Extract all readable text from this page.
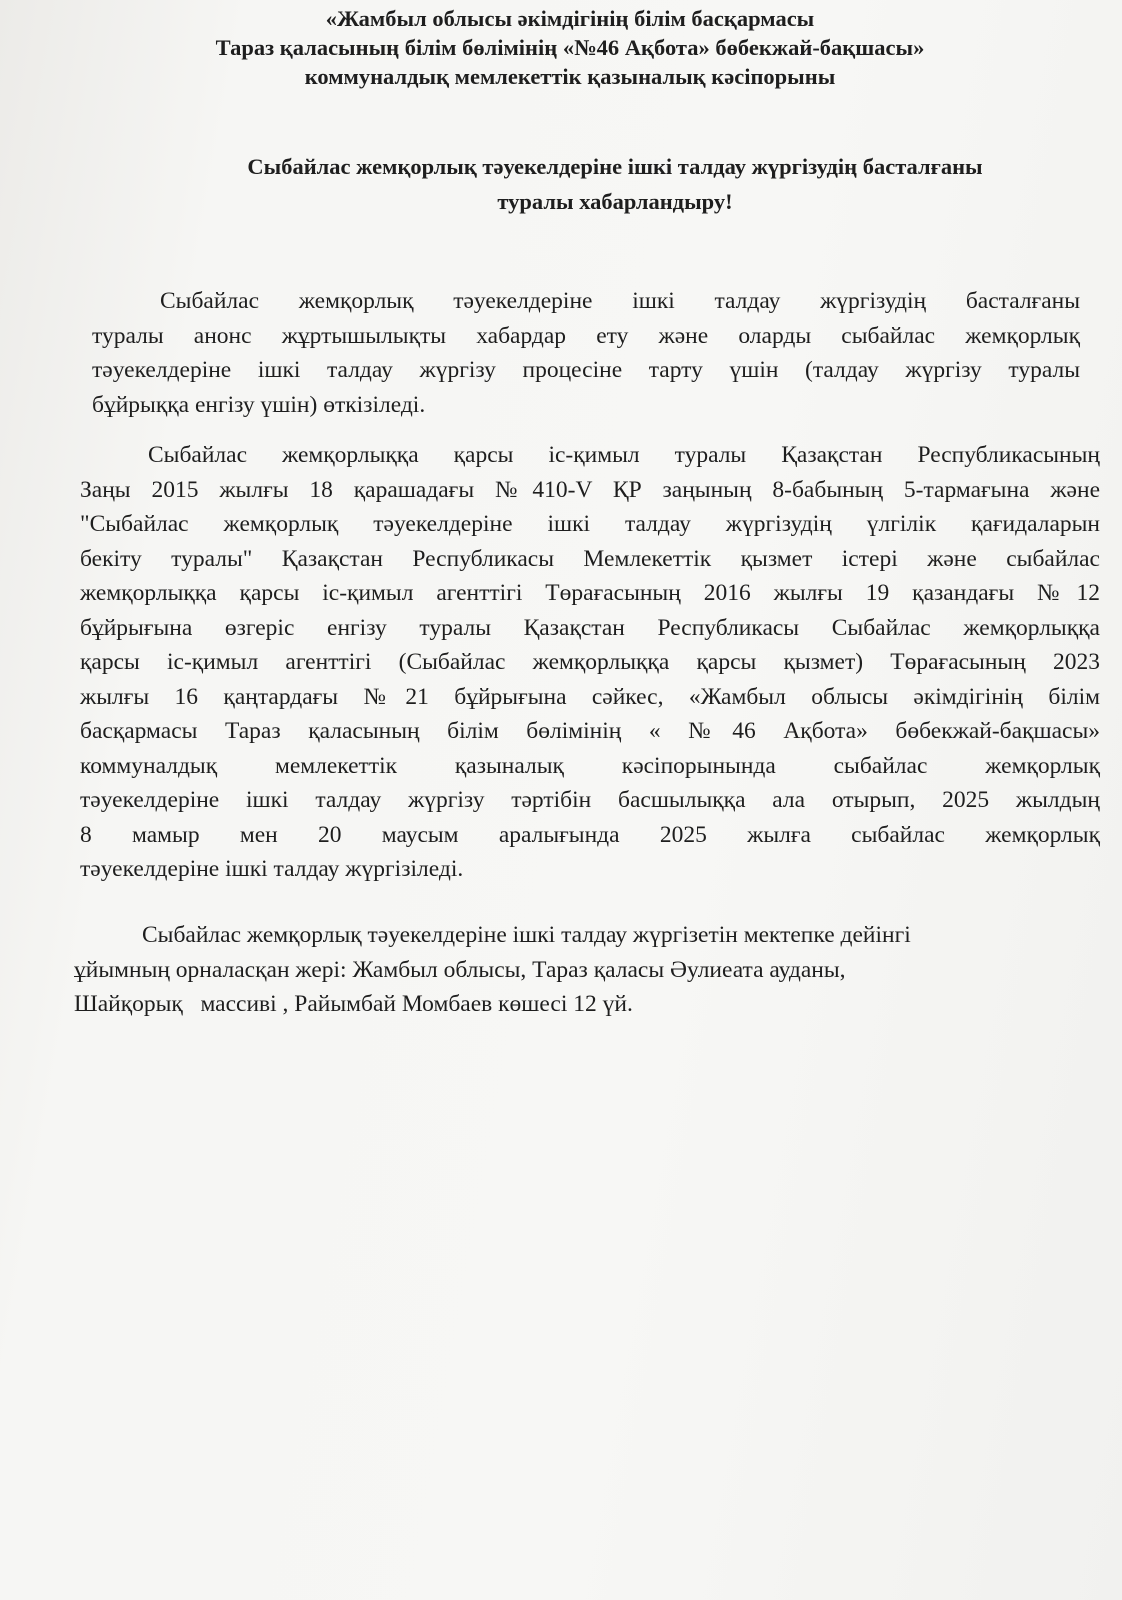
«Жамбыл облысы әкімдігінің білім басқармасы
Тараз қаласының білім бөлімінің «№46 Ақбота» бөбекжай-бақшасы»
коммуналдық мемлекеттік қазыналық кәсіпорыны
Сыбайлас жемқорлық тәуекелдеріне ішкі талдау жүргізудің басталғаны
туралы хабарландыру!
Сыбайлас жемқорлық тәуекелдеріне ішкі талдау жүргізудің басталғаны
туралы анонс жұртышылықты хабардар ету және оларды сыбайлас жемқорлық
тәуекелдеріне ішкі талдау жүргізу процесіне тарту үшін (талдау жүргізу туралы
бұйрыққа енгізу үшін) өткізіледі.
Сыбайлас жемқорлыққа қарсы іс-қимыл туралы Қазақстан Республикасының
Заңы 2015 жылғы 18 қарашадағы №410-V ҚР заңының 8-бабының 5-тармағына және
"Сыбайлас жемқорлық тәуекелдеріне ішкі талдау жүргізудің үлгілік қағидаларын
бекіту туралы" Қазақстан Республикасы Мемлекеттік қызмет істері және сыбайлас
жемқорлыққа қарсы іс-қимыл агенттігі Төрағасының 2016 жылғы 19 қазандағы №12
бұйрығына өзгеріс енгізу туралы Қазақстан Республикасы Сыбайлас жемқорлыққа
қарсы іс-қимыл агенттігі (Сыбайлас жемқорлыққа қарсы қызмет) Төрағасының 2023
жылғы 16 қаңтардағы №21 бұйрығына сәйкес, «Жамбыл облысы әкімдігінің білім
басқармасы Тараз қаласының білім бөлімінің « №46 Ақбота» бөбекжай-бақшасы»
коммуналдық мемлекеттік қазыналық кәсіпорынында сыбайлас жемқорлық
тәуекелдеріне ішкі талдау жүргізу тәртібін басшылыққа ала отырып, 2025 жылдың
8 мамыр мен 20 маусым аралығында 2025 жылға сыбайлас жемқорлық
тәуекелдеріне ішкі талдау жүргізіледі.
Сыбайлас жемқорлық тәуекелдеріне ішкі талдау жүргізетін мектепке дейінгі
ұйымның орналасқан жері: Жамбыл облысы, Тараз қаласы Әулиеата ауданы,
Шайқорық   массиві , Райымбай Момбаев көшесі 12 үй.
